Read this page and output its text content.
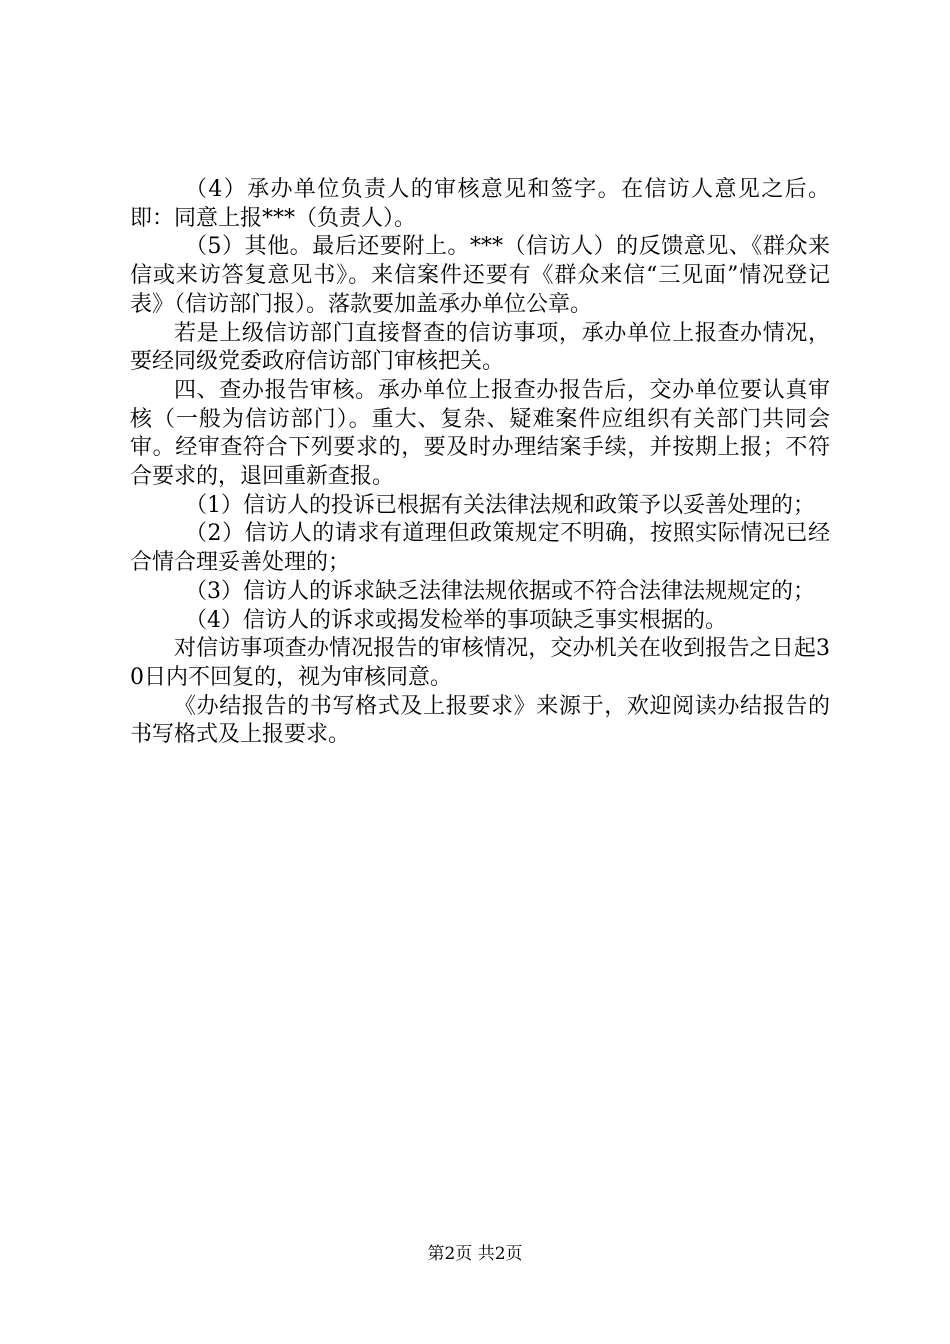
（4）承办单位负责人的审核意见和签字。在信访人意见之后。即：同意上报***（负责人）。

（5）其他。最后还要附上。***（信访人）的反馈意见、《群众来信或来访答复意见书》。来信案件还要有《群众来信“三见面”情况登记表》（信访部门报）。落款要加盖承办单位公章。

若是上级信访部门直接督查的信访事项，承办单位上报查办情况，要经同级党委政府信访部门审核把关。

四、查办报告审核。承办单位上报查办报告后，交办单位要认真审核（一般为信访部门）。重大、复杂、疑难案件应组织有关部门共同会审。经审查符合下列要求的，要及时办理结案手续，并按期上报；不符合要求的，退回重新查报。

（1）信访人的投诉已根据有关法律法规和政策予以妥善处理的；

（2）信访人的请求有道理但政策规定不明确，按照实际情况已经合情合理妥善处理的；

（3）信访人的诉求缺乏法律法规依据或不符合法律法规规定的；

（4）信访人的诉求或揭发检举的事项缺乏事实根据的。

对信访事项查办情况报告的审核情况，交办机关在收到报告之日起30日内不回复的，视为审核同意。

《办结报告的书写格式及上报要求》来源于，欢迎阅读办结报告的书写格式及上报要求。

第2页 共2页
